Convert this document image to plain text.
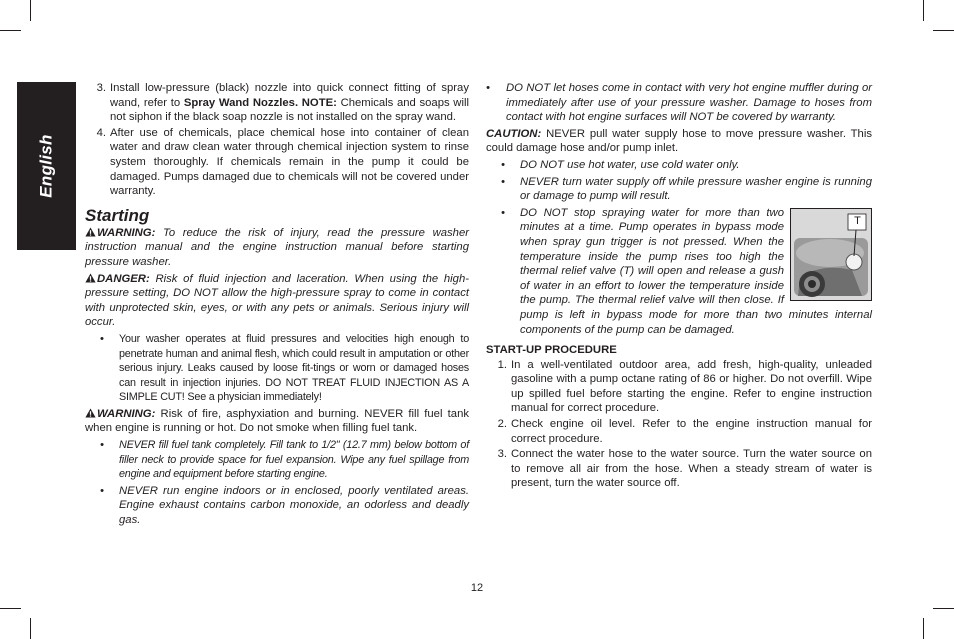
English
3. Install low-pressure (black) nozzle into quick connect fitting of spray wand, refer to Spray Wand Nozzles. NOTE: Chemicals and soaps will not siphon if the black soap nozzle is not installed on the spray wand.
4. After use of chemicals, place chemical hose into container of clean water and draw clean water through chemical injection system to rinse system thoroughly. If chemicals remain in the pump it could be damaged. Pumps damaged due to chemicals will not be covered under warranty.
Starting

WARNING: To reduce the risk of injury, read the pressure washer instruction manual and the engine instruction manual before starting pressure washer.

DANGER: Risk of fluid injection and laceration. When using the high-pressure setting, DO NOT allow the high-pressure spray to come in contact with unprotected skin, eyes, or with any pets or animals. Serious injury will occur.

•	Your washer operates at fluid pressures and velocities high enough to penetrate human and animal flesh, which could result in amputation or other serious injury. Leaks caused by loose fit-tings or worn or damaged hoses can result in injection injuries. DO NOT TREAT FLUID INJECTION AS A SIMPLE CUT! See a physician immediately!

WARNING: Risk of fire, asphyxiation and burning. NEVER fill fuel tank when engine is running or hot. Do not smoke when filling fuel tank.

•	NEVER fill fuel tank completely. Fill tank to 1/2" (12.7 mm) below bottom of filler neck to provide space for fuel expansion. Wipe any fuel spillage from engine and equipment before starting engine.
•	NEVER run engine indoors or in enclosed, poorly ventilated areas. Engine exhaust contains carbon monoxide, an odorless and deadly gas.
•	DO NOT let hoses come in contact with very hot engine muffler during or immediately after use of your pressure washer. Damage to hoses from contact with hot engine surfaces will NOT be covered by warranty.

CAUTION: NEVER pull water supply hose to move pressure washer. This could damage hose and/or pump inlet.

•	DO NOT use hot water, use cold water only.
•	NEVER turn water supply off while pressure washer engine is running or damage to pump will result.
•
T
DO NOT stop spraying water for more than two minutes at a time. Pump operates in bypass mode when spray gun trigger is not pressed. When the temperature inside the pump rises too high the thermal relief valve (T) will open and release a gush of water in an effort to lower the temperature inside the pump. The thermal relief valve will then close. If pump is left in bypass mode for more than two minutes internal components of the pump can be damaged.
START-UP PROCEDURE
1. In a well-ventilated outdoor area, add fresh, high-quality, unleaded gasoline with a pump octane rating of 86 or higher. Do not overfill. Wipe up spilled fuel before starting the engine. Refer to engine instruction manual for correct procedure.
2. Check engine oil level. Refer to the engine instruction manual for correct procedure.
3. Connect the water hose to the water source. Turn the water source on to remove all air from the hose. When a steady stream of water is present, turn the water source off.
12
